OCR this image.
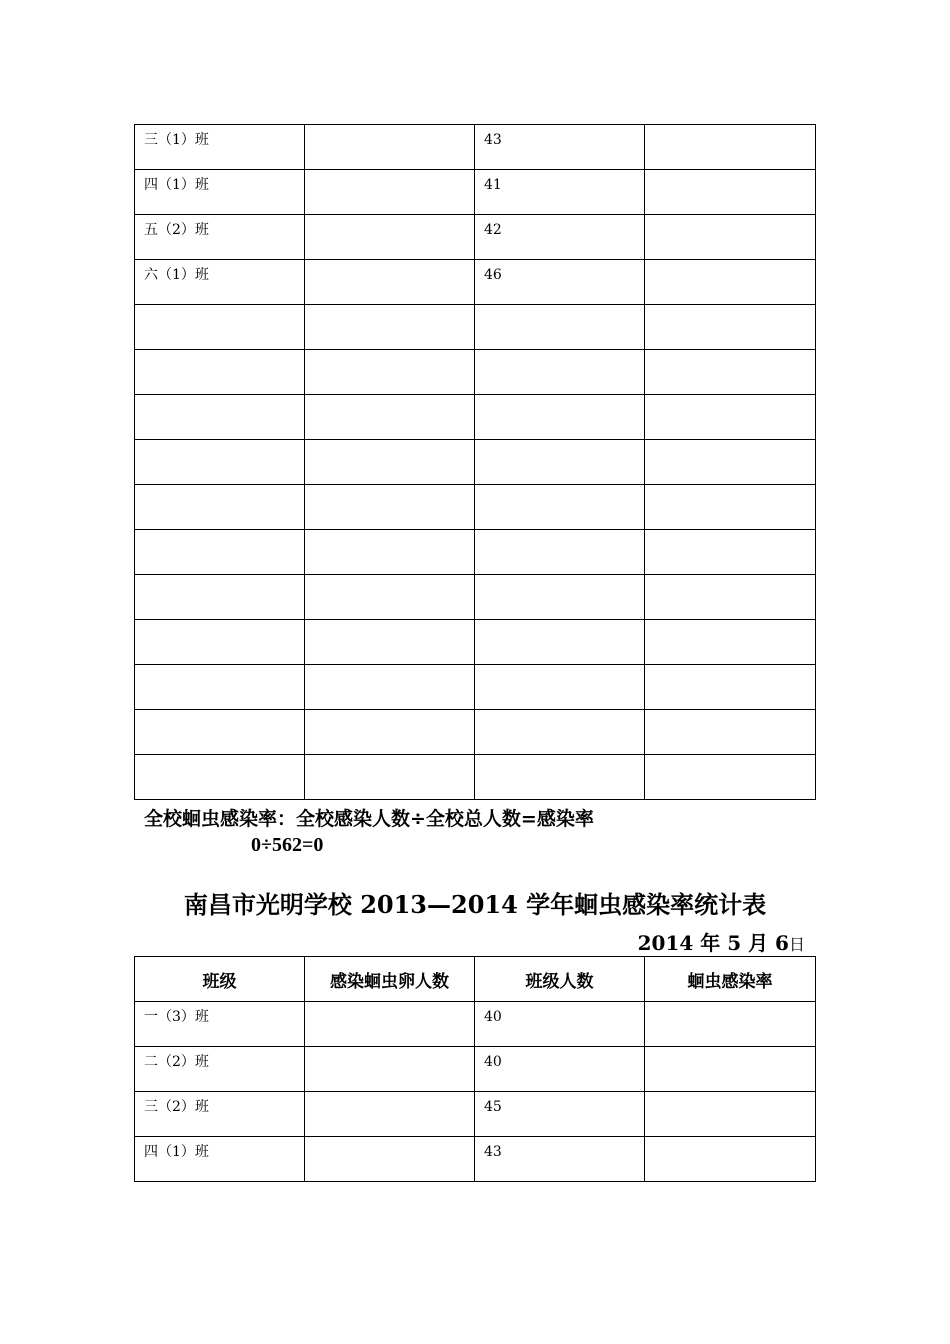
三（1）班		43	

四（1）班		41	

五（2）班		42	

六（1）班		46	

全校蛔虫感染率：全校感染人数÷全校总人数=感染率
0÷562=0
南昌市光明学校 2013—2014 学年蛔虫感染率统计表
2014 年 5 月 6日
班级	感染蛔虫卵人数	班级人数	蛔虫感染率

一（3）班		40	

二（2）班		40	

三（2）班		45	

四（1）班		43	
